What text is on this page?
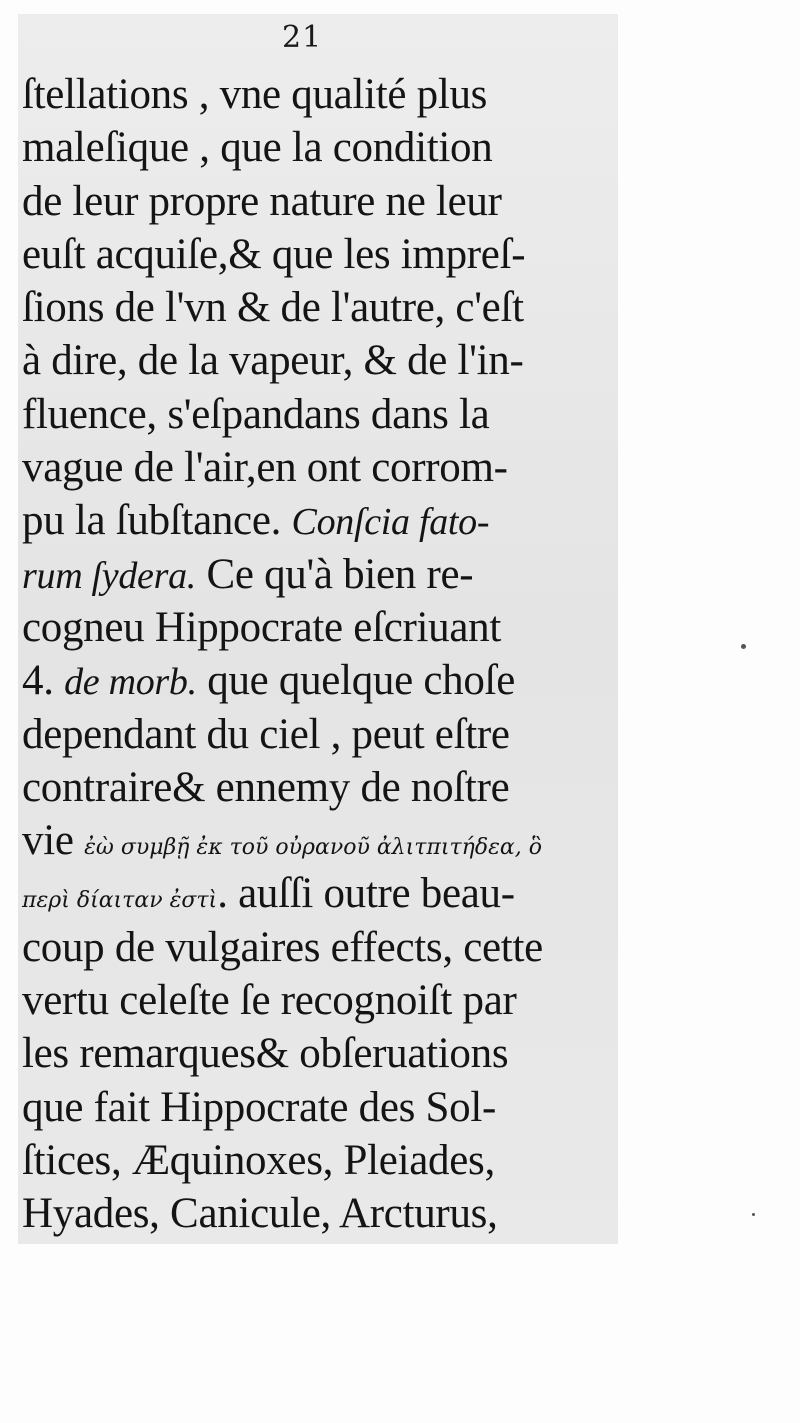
21
ſtellations , vne qualité plus
maleſique , que la condition
de leur propre nature ne leur
euſt acquiſe,& que les impreſ-
ſions de l'vn & de l'autre, c'eſt
à dire, de la vapeur, & de l'in-
fluence, s'eſpandans dans la
vague de l'air,en ont corrom-
pu la ſubſtance. Conſcia fato-
rum ſydera. Ce qu'à bien re-
cogneu Hippocrate eſcriuant
4. de morb. que quelque choſe
dependant du ciel , peut eſtre
contraire& ennemy de noſtre
vie ἐὼ συμβῇ ἐκ τοῦ οὐρανοῦ ἀλιτπιτήδεα, ὃ
περὶ δίαιταν ἐστὶ. auſſi outre beau-
coup de vulgaires effects, cette
vertu celeſte ſe recognoiſt par
les remarques& obſeruations
que fait Hippocrate des Sol-
ſtices, Æquinoxes, Pleiades,
Hyades, Canicule, Arcturus,
